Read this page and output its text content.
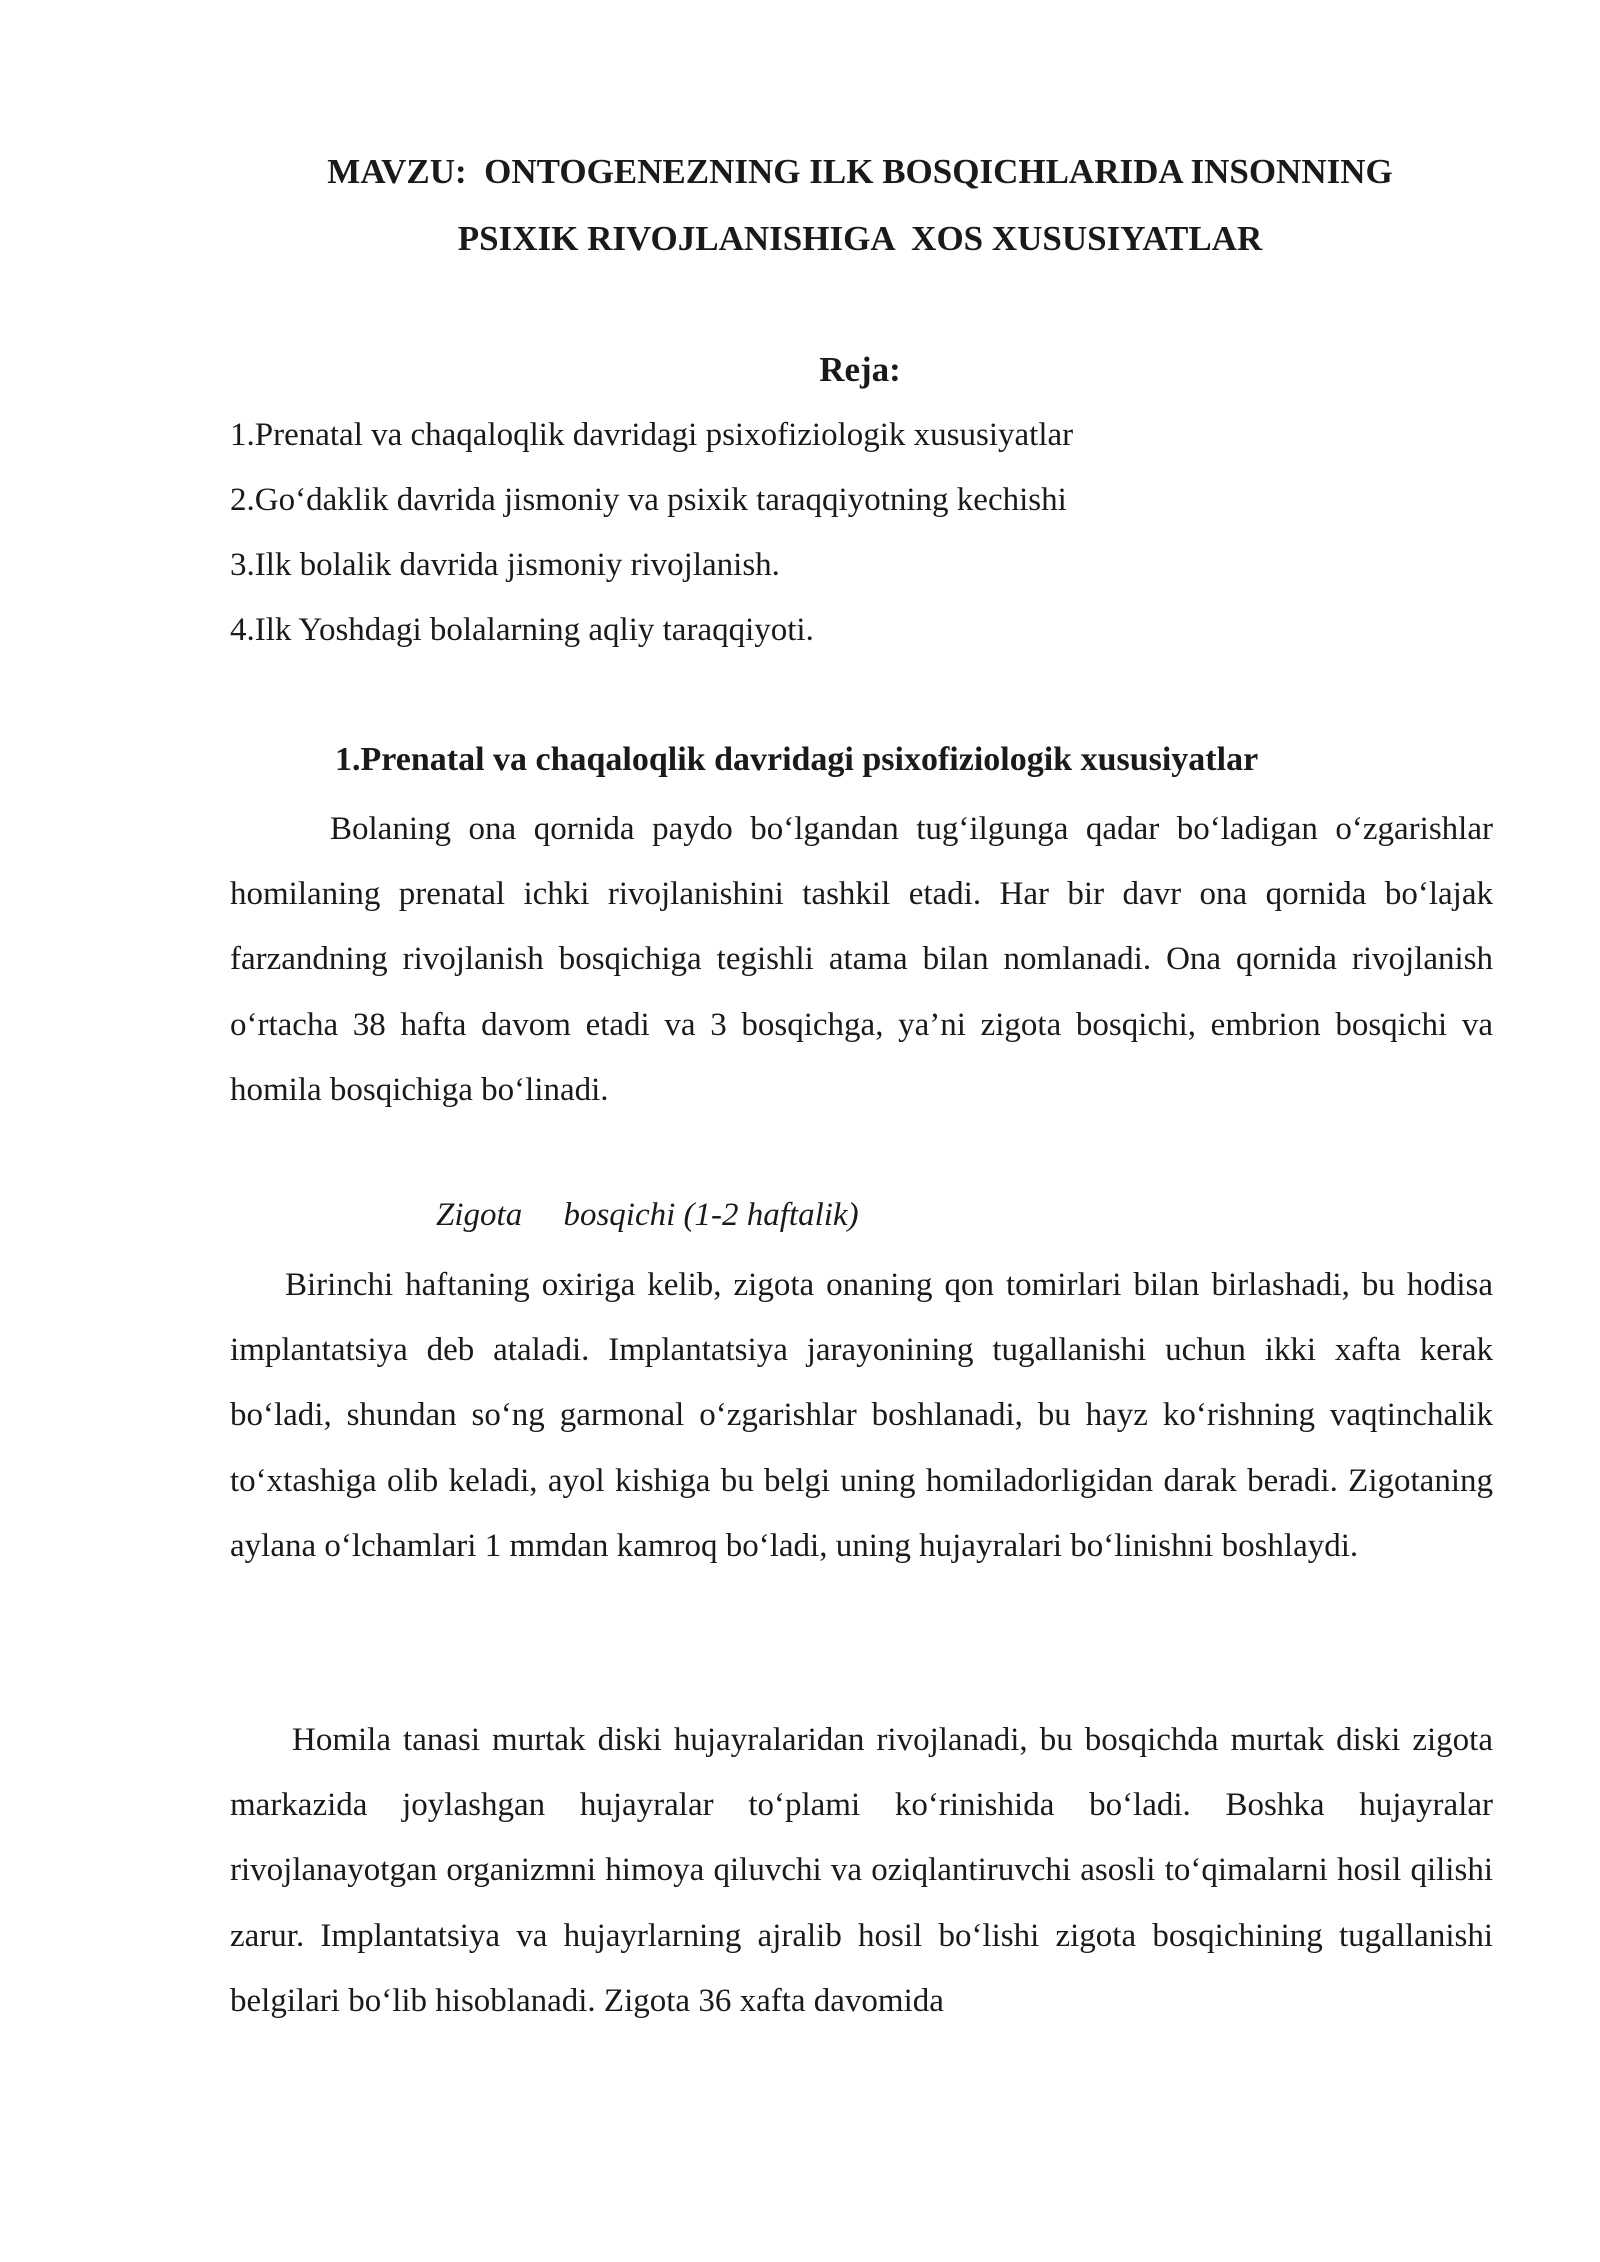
MAVZU:  ONTOGENEZNING ILK BOSQICHLARIDA INSONNING
PSIXIK RIVOJLANISHIGA  XOS XUSUSIYATLAR
Reja:
1.Prenatal va chaqaloqlik davridagi psixofiziologik xususiyatlar
2.Go‘daklik davrida jismoniy va psixik taraqqiyotning kechishi
3.Ilk bolalik davrida jismoniy rivojlanish.
4.Ilk Yoshdagi bolalarning aqliy taraqqiyoti.
1.Prenatal va chaqaloqlik davridagi psixofiziologik xususiyatlar

Bolaning ona qornida paydo bo‘lgandan tug‘ilgunga qadar bo‘ladigan o‘zgarishlar homilaning prenatal ichki rivojlanishini tashkil etadi. Har bir davr ona qornida bo‘lajak farzandning rivojlanish bosqichiga tegishli atama bilan nomlanadi. Ona qornida rivojlanish o‘rtacha 38 hafta davom etadi va 3 bosqichga, ya’ni zigota bosqichi, embrion bosqichi va homila bosqichiga bo‘linadi.

Zigota     bosqichi (1-2 haftalik)

Birinchi haftaning oxiriga kelib, zigota onaning qon tomirlari bilan birlashadi, bu hodisa implantatsiya deb ataladi. Implantatsiya jarayonining tugallanishi uchun ikki xafta kerak bo‘ladi, shundan so‘ng garmonal o‘zgarishlar boshlanadi, bu hayz ko‘rishning vaqtinchalik to‘xtashiga olib keladi, ayol kishiga bu belgi uning homiladorligidan darak beradi. Zigotaning aylana o‘lchamlari 1 mmdan kamroq bo‘ladi, uning hujayralari bo‘linishni boshlaydi.

Homila tanasi murtak diski hujayralaridan rivojlanadi, bu bosqichda murtak diski zigota markazida joylashgan hujayralar to‘plami ko‘rinishida bo‘ladi. Boshka hujayralar rivojlanayotgan organizmni himoya qiluvchi va oziqlantiruvchi asosli to‘qimalarni hosil qilishi zarur. Implantatsiya va hujayrlarning ajralib hosil bo‘lishi zigota bosqichining tugallanishi belgilari bo‘lib hisoblanadi. Zigota 36 xafta davomida
